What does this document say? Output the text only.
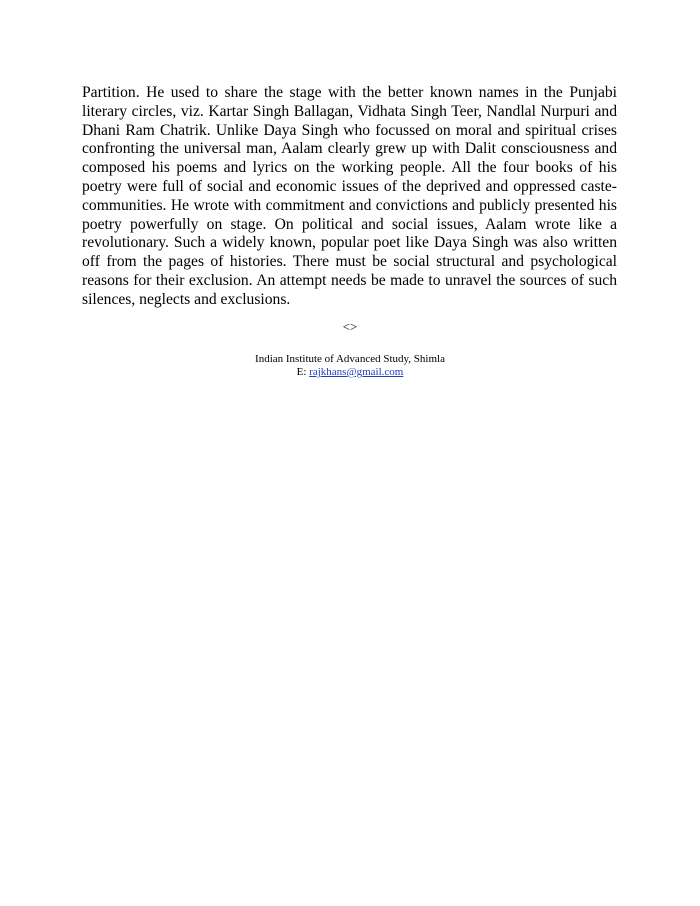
Partition. He used to share the stage with the better known names in the Punjabi literary circles, viz. Kartar Singh Ballagan, Vidhata Singh Teer, Nandlal Nurpuri and Dhani Ram Chatrik. Unlike Daya Singh who focussed on moral and spiritual crises confronting the universal man, Aalam clearly grew up with Dalit consciousness and composed his poems and lyrics on the working people. All the four books of his poetry were full of social and economic issues of the deprived and oppressed caste-communities. He wrote with commitment and convictions and publicly presented his poetry powerfully on stage. On political and social issues, Aalam wrote like a revolutionary. Such a widely known, popular poet like Daya Singh was also written off from the pages of histories. There must be social structural and psychological reasons for their exclusion. An attempt needs be made to unravel the sources of such silences, neglects and exclusions.

<>

Indian Institute of Advanced Study, Shimla
E: rajkhans@gmail.com
